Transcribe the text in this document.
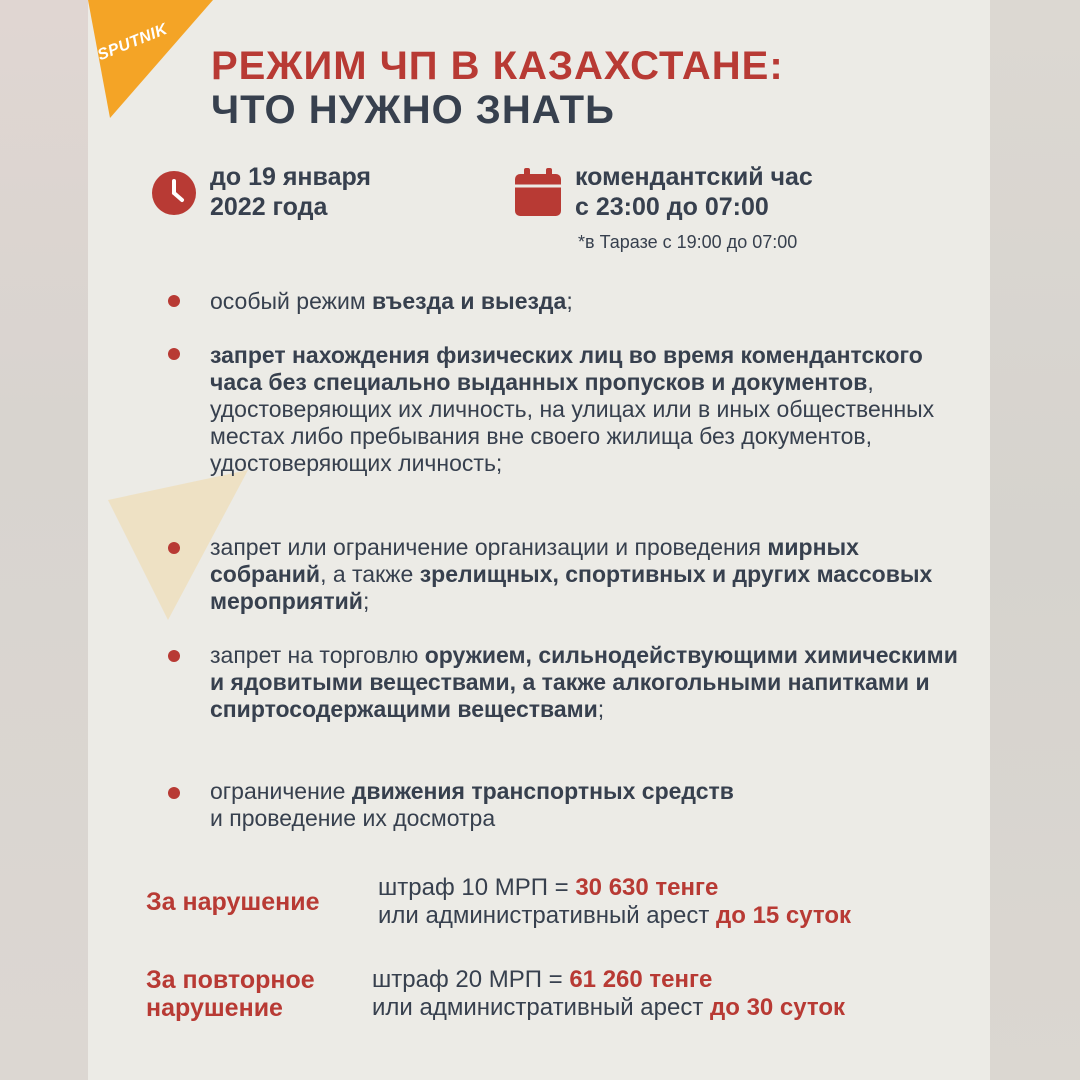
SPUTNIK
РЕЖИМ ЧП В КАЗАХСТАНЕ:
ЧТО НУЖНО ЗНАТЬ
до 19 января
2022 года
комендантский час
с 23:00 до 07:00
*в Таразе с 19:00 до 07:00
особый режим въезда и выезда;
запрет нахождения физических лиц во время комендантского часа без специально выданных пропусков и документов, удостоверяющих их личность, на улицах или в иных общественных местах либо пребывания вне своего жилища без документов, удостоверяющих личность;
запрет или ограничение организации и проведения мирных собраний, а также зрелищных, спортивных и других массовых мероприятий;
запрет на торговлю оружием, сильнодействующими химическими и ядовитыми веществами, а также алкогольными напитками и спиртосодержащими веществами;
ограничение движения транспортных средств
и проведение их досмотра
За нарушение
штраф 10 МРП = 30 630 тенге
или административный арест до 15 суток
За повторное
нарушение
штраф 20 МРП = 61 260 тенге
или административный арест до 30 суток
